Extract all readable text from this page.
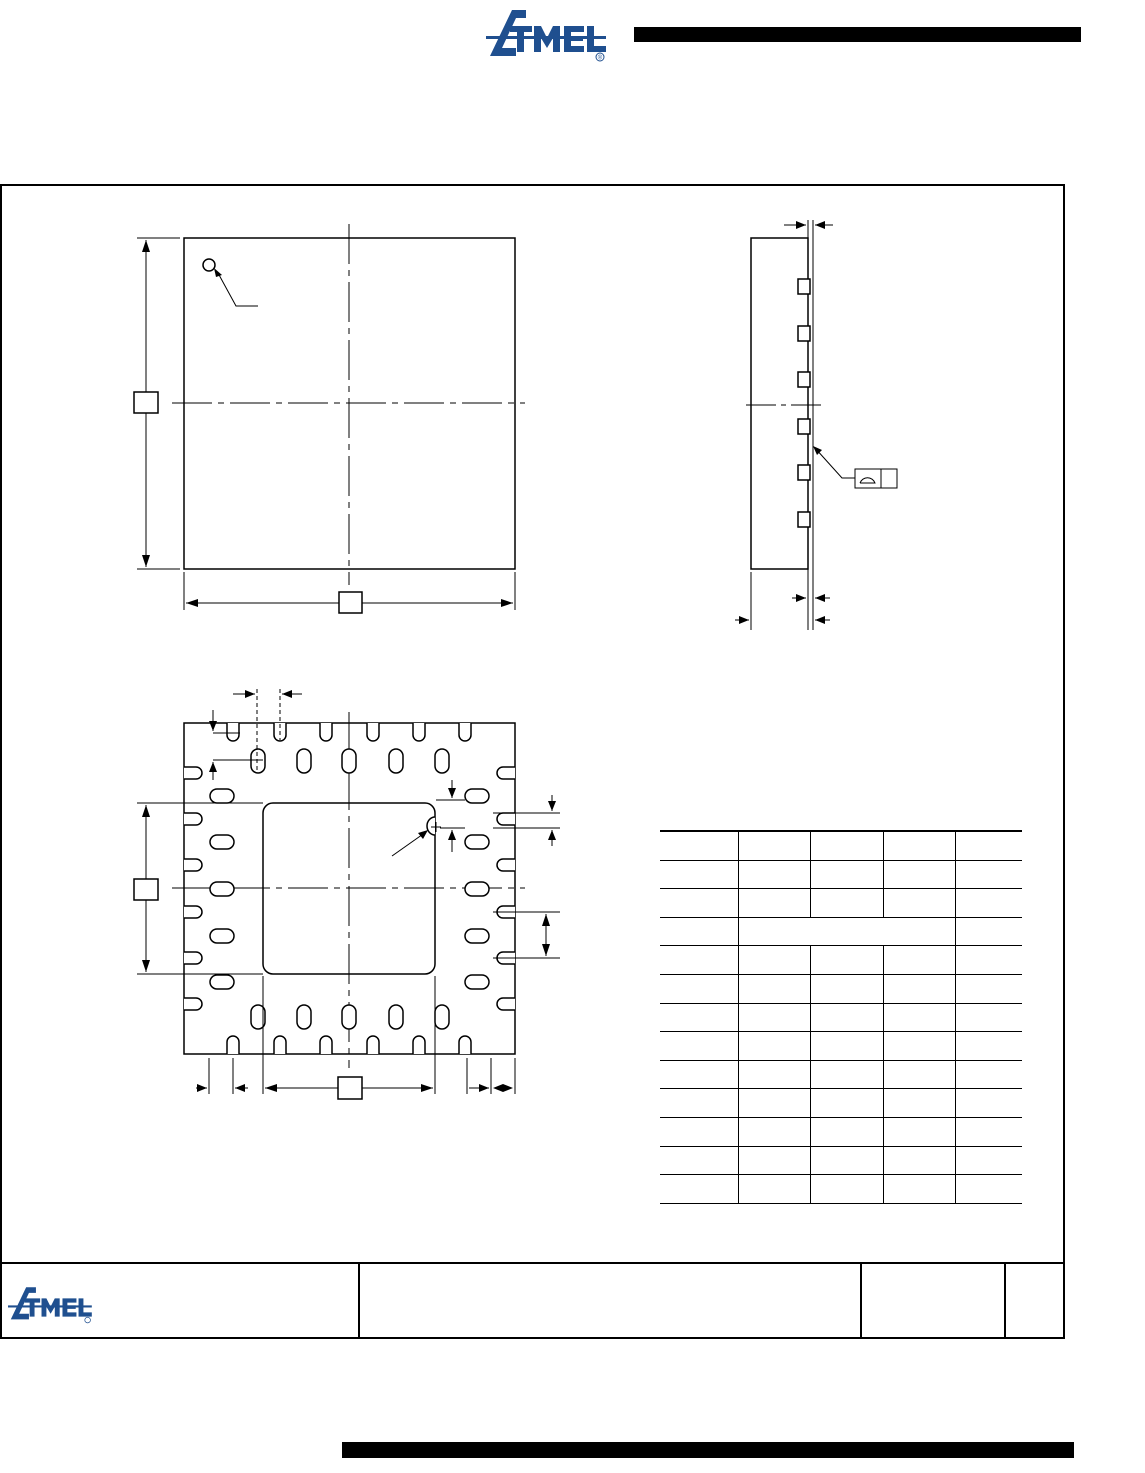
®
